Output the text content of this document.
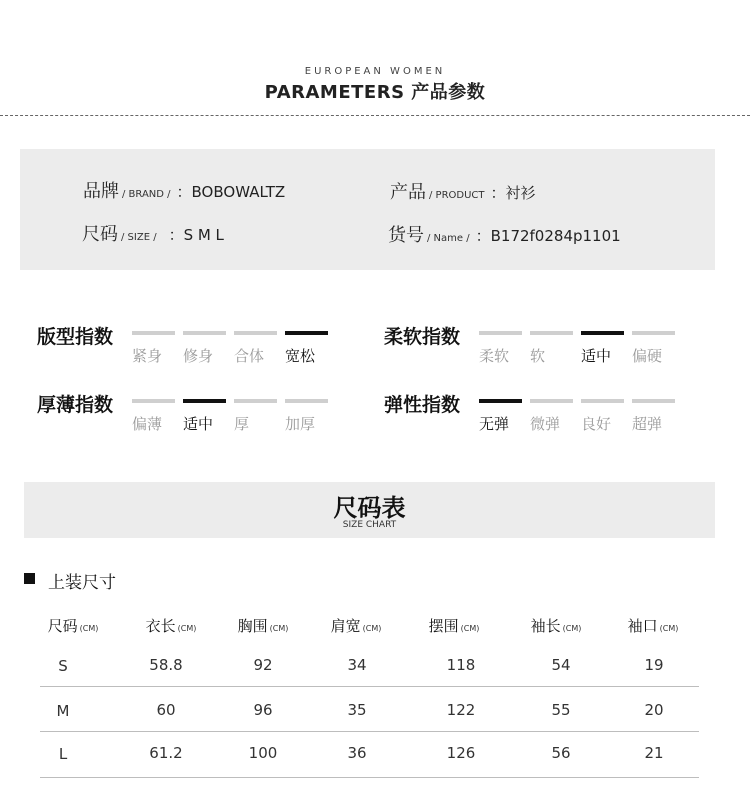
EUROPEAN WOMEN
PARAMETERS 产品参数
品牌 / BRAND / ：BOBOWALTZ
尺码 / SIZE / ：S M L
产品 / PRODUCT ：衬衫
货号 / Name / ：B172f0284p1101
版型指数
紧身	修身	合体	宽松
柔软指数
柔软	软	适中	偏硬
厚薄指数
偏薄	适中	厚	加厚
弹性指数
无弹	微弹	良好	超弹
尺码表
SIZE CHART
上装尺寸
尺码 (CM)	衣长 (CM)	胸围 (CM)	肩宽 (CM)	摆围 (CM)	袖长 (CM)	袖口 (CM)
S	58.8	92	34	118	54	19
M	60	96	35	122	55	20
L	61.2	100	36	126	56	21
